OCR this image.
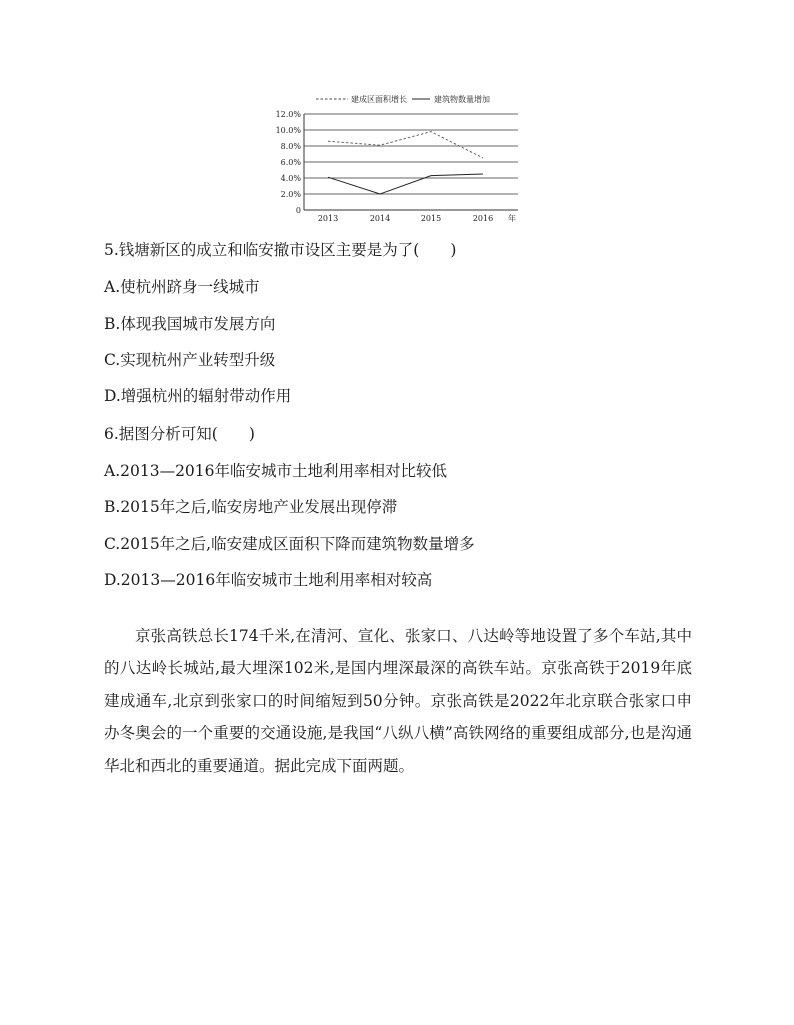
建成区面积增长	建筑物数量增加
0
2.0%
4.0%
6.0%
8.0%
10.0%
12.0%
2013	2014	2015	2016 年
5.钱塘新区的成立和临安撤市设区主要是为了(　　)
A.使杭州跻身一线城市
B.体现我国城市发展方向
C.实现杭州产业转型升级
D.增强杭州的辐射带动作用
6.据图分析可知(　　)
A.2013—2016年临安城市土地利用率相对比较低
B.2015年之后,临安房地产业发展出现停滞
C.2015年之后,临安建成区面积下降而建筑物数量增多
D.2013—2016年临安城市土地利用率相对较高

京张高铁总长174千米,在清河、宣化、张家口、八达岭等地设置了多个车站,其中的八达岭长城站,最大埋深102米,是国内埋深最深的高铁车站。京张高铁于2019年底建成通车,北京到张家口的时间缩短到50分钟。京张高铁是2022年北京联合张家口申办冬奥会的一个重要的交通设施,是我国“八纵八横”高铁网络的重要组成部分,也是沟通华北和西北的重要通道。据此完成下面两题。
